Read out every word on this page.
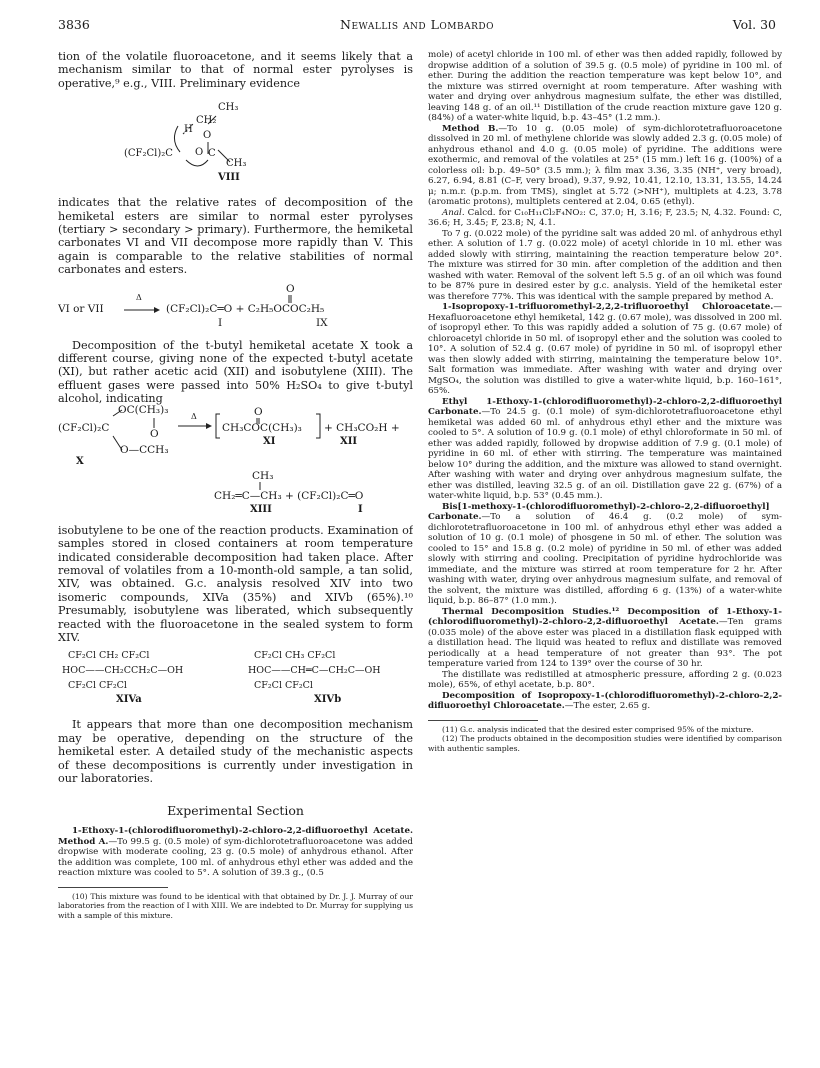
3836	Newallis and Lombardo	Vol. 30

tion of the volatile fluoroacetone, and it seems likely that a mechanism similar to that of normal ester pyrolyses is operative,⁹ e.g., VIII. Preliminary evidence

CH₃

CH₂

H

O

(CF₂Cl)₂C

O

C

CH₃

VIII

indicates that the relative rates of decomposition of the hemiketal esters are similar to normal ester pyrolyses (tertiary > secondary > primary). Furthermore, the hemiketal carbonates VI and VII decompose more rapidly than V. This again is comparable to the relative stabilities of normal carbonates and esters.

O

VI or VII

Δ

(CF₂Cl)₂C═O + C₂H₅OCOC₂H₅

I

	IX

Decomposition of the t-butyl hemiketal acetate X took a different course, giving none of the expected t-butyl acetate (XI), but rather acetic acid (XII) and isobutylene (XIII). The effluent gases were passed into 50% H₂SO₄ to give t-butyl alcohol, indicating

OC(CH₃)₃

(CF₂Cl)₂C

	O

O—CCH₃

X

Δ

	O

CH₃COC(CH₃)₃

XI

+ CH₃CO₂H +

XII

CH₃

CH₂═C—CH₃ + (CF₂Cl)₂C═O

XIII

	I

isobutylene to be one of the reaction products. Examination of samples stored in closed containers at room temperature indicated considerable decomposition had taken place. After removal of volatiles from a 10-month-old sample, a tan solid, XIV, was obtained. G.c. analysis resolved XIV into two isomeric compounds, XIVa (35%) and XIVb (65%).¹⁰ Presumably, isobutylene was liberated, which subsequently reacted with the fluoroacetone in the sealed system to form XIV.

CF₂Cl CH₂ CF₂Cl

HOC——CH₂CCH₂C—OH

CF₂Cl CF₂Cl

XIVa

CF₂Cl CH₃ CF₂Cl

HOC——CH═C—CH₂C—OH

CF₂Cl CF₂Cl

XIVb

It appears that more than one decomposition mechanism may be operative, depending on the structure of the hemiketal ester. A detailed study of the mechanistic aspects of these decompositions is currently under investigation in our laboratories.

Experimental Section

1-Ethoxy-1-(chlorodifluoromethyl)-2-chloro-2,2-difluoroethyl Acetate. Method A.—To 99.5 g. (0.5 mole) of sym-dichlorotetrafluoroacetone was added dropwise with moderate cooling, 23 g. (0.5 mole) of anhydrous ethanol. After the addition was complete, 100 ml. of anhydrous ethyl ether was added and the reaction mixture was cooled to 5°. A solution of 39.3 g., (0.5

(10) This mixture was found to be identical with that obtained by Dr. J. J. Murray of our laboratories from the reaction of I with XIII. We are indebted to Dr. Murray for supplying us with a sample of this mixture.

mole) of acetyl chloride in 100 ml. of ether was then added rapidly, followed by dropwise addition of a solution of 39.5 g. (0.5 mole) of pyridine in 100 ml. of ether. During the addition the reaction temperature was kept below 10°, and the mixture was stirred overnight at room temperature. After washing with water and drying over anhydrous magnesium sulfate, the ether was distilled, leaving 148 g. of an oil.¹¹ Distillation of the crude reaction mixture gave 120 g. (84%) of a water-white liquid, b.p. 43–45° (1.2 mm.).

Method B.—To 10 g. (0.05 mole) of sym-dichlorotetrafluoroacetone dissolved in 20 ml. of methylene chloride was slowly added 2.3 g. (0.05 mole) of anhydrous ethanol and 4.0 g. (0.05 mole) of pyridine. The additions were exothermic, and removal of the volatiles at 25° (15 mm.) left 16 g. (100%) of a colorless oil: b.p. 49–50° (3.5 mm.); λ film max 3.36, 3.35 (NH⁺, very broad), 6.27, 6.94, 8.81 (C–F, very broad), 9.37, 9.92, 10.41, 12.10, 13.31, 13.55, 14.24 μ; n.m.r. (p.p.m. from TMS), singlet at 5.72 (>NH⁺), multiplets at 4.23, 3.78 (aromatic protons), multiplets centered at 2.04, 0.65 (ethyl).

Anal. Calcd. for C₁₀H₁₁Cl₂F₄NO₂: C, 37.0; H, 3.16; F, 23.5; N, 4.32. Found: C, 36.6; H, 3.45; F, 23.8; N, 4.1.

To 7 g. (0.022 mole) of the pyridine salt was added 20 ml. of anhydrous ethyl ether. A solution of 1.7 g. (0.022 mole) of acetyl chloride in 10 ml. ether was added slowly with stirring, maintaining the reaction temperature below 20°. The mixture was stirred for 30 min. after completion of the addition and then washed with water. Removal of the solvent left 5.5 g. of an oil which was found to be 87% pure in desired ester by g.c. analysis. Yield of the hemiketal ester was therefore 77%. This was identical with the sample prepared by method A.

1-Isopropoxy-1-trifluoromethyl-2,2,2-trifluoroethyl Chloroacetate.—Hexafluoroacetone ethyl hemiketal, 142 g. (0.67 mole), was dissolved in 200 ml. of isopropyl ether. To this was rapidly added a solution of 75 g. (0.67 mole) of chloroacetyl chloride in 50 ml. of isopropyl ether and the solution was cooled to 10°. A solution of 52.4 g. (0.67 mole) of pyridine in 50 ml. of isopropyl ether was then slowly added with stirring, maintaining the temperature below 10°. Salt formation was immediate. After washing with water and drying over MgSO₄, the solution was distilled to give a water-white liquid, b.p. 160–161°, 65%.

Ethyl 1-Ethoxy-1-(chlorodifluoromethyl)-2-chloro-2,2-difluoroethyl Carbonate.—To 24.5 g. (0.1 mole) of sym-dichlorotetrafluoroacetone ethyl hemiketal was added 60 ml. of anhydrous ethyl ether and the mixture was cooled to 5°. A solution of 10.9 g. (0.1 mole) of ethyl chloroformate in 50 ml. of ether was added rapidly, followed by dropwise addition of 7.9 g. (0.1 mole) of pyridine in 60 ml. of ether with stirring. The temperature was maintained below 10° during the addition, and the mixture was allowed to stand overnight. After washing with water and drying over anhydrous magnesium sulfate, the ether was distilled, leaving 32.5 g. of an oil. Distillation gave 22 g. (67%) of a water-white liquid, b.p. 53° (0.45 mm.).

Bis[1-methoxy-1-(chlorodifluoromethyl)-2-chloro-2,2-difluoroethyl] Carbonate.—To a solution of 46.4 g. (0.2 mole) of sym-dichlorotetrafluoroacetone in 100 ml. of anhydrous ethyl ether was added a solution of 10 g. (0.1 mole) of phosgene in 50 ml. of ether. The solution was cooled to 15° and 15.8 g. (0.2 mole) of pyridine in 50 ml. of ether was added slowly with stirring and cooling. Precipitation of pyridine hydrochloride was immediate, and the mixture was stirred at room temperature for 2 hr. After washing with water, drying over anhydrous magnesium sulfate, and removal of the solvent, the mixture was distilled, affording 6 g. (13%) of a water-white liquid, b.p. 86–87° (1.0 mm.).

Thermal Decomposition Studies.¹² Decomposition of 1-Ethoxy-1-(chlorodifluoromethyl)-2-chloro-2,2-difluoroethyl Acetate.—Ten grams (0.035 mole) of the above ester was placed in a distillation flask equipped with a distillation head. The liquid was heated to reflux and distillate was removed periodically at a head temperature of not greater than 93°. The pot temperature varied from 124 to 139° over the course of 30 hr.

The distillate was redistilled at atmospheric pressure, affording 2 g. (0.023 mole), 65%, of ethyl acetate, b.p. 80°.

Decomposition of Isopropoxy-1-(chlorodifluoromethyl)-2-chloro-2,2-difluoroethyl Chloroacetate.—The ester, 2.65 g.

(11) G.c. analysis indicated that the desired ester comprised 95% of the mixture.

(12) The products obtained in the decomposition studies were identified by comparison with authentic samples.
